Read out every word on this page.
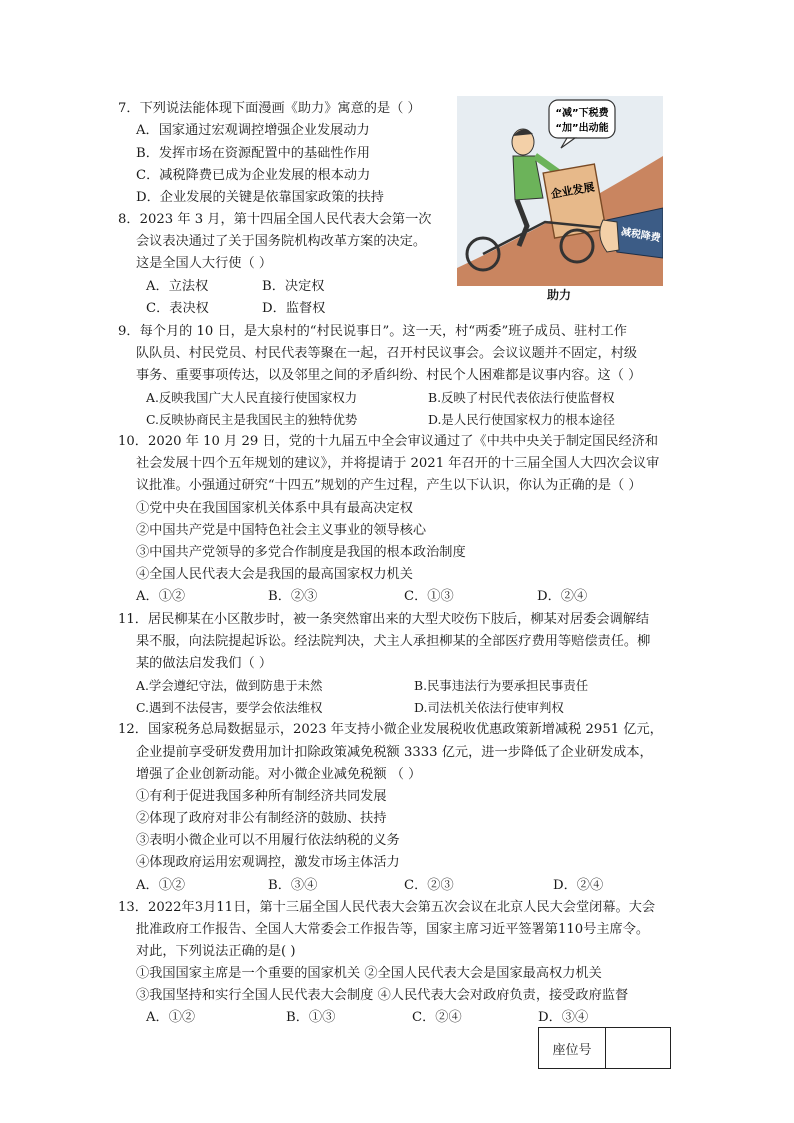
7．下列说法能体现下面漫画《助力》寓意的是（ ）
A．国家通过宏观调控增强企业发展动力
B．发挥市场在资源配置中的基础性作用
C．减税降费已成为企业发展的根本动力
D．企业发展的关键是依靠国家政策的扶持
“减”下税费
“加”出动能
企业发展
减税降费
助力
8．2023 年 3 月，第十四届全国人民代表大会第一次
会议表决通过了关于国务院机构改革方案的决定。
这是全国人大行使（ ）
A．立法权	B．决定权
C．表决权	D．监督权
9．每个月的 10 日，是大泉村的“村民说事日”。这一天，村“两委”班子成员、驻村工作
队队员、村民党员、村民代表等聚在一起，召开村民议事会。会议议题并不固定，村级
事务、重要事项传达，以及邻里之间的矛盾纠纷、村民个人困难都是议事内容。这（ ）
A.反映我国广大人民直接行使国家权力	B.反映了村民代表依法行使监督权
C.反映协商民主是我国民主的独特优势	D.是人民行使国家权力的根本途径
10．2020 年 10 月 29 日，党的十九届五中全会审议通过了《中共中央关于制定国民经济和
社会发展十四个五年规划的建议》，并将提请于 2021 年召开的十三届全国人大四次会议审
议批准。小强通过研究“十四五”规划的产生过程，产生以下认识，你认为正确的是（ ）
①党中央在我国国家机关体系中具有最高决定权
②中国共产党是中国特色社会主义事业的领导核心
③中国共产党领导的多党合作制度是我国的根本政治制度
④全国人民代表大会是我国的最高国家权力机关
A．①②	B．②③	C．①③	D．②④
11．居民柳某在小区散步时，被一条突然窜出来的大型犬咬伤下肢后，柳某对居委会调解结
果不服，向法院提起诉讼。经法院判决，犬主人承担柳某的全部医疗费用等赔偿责任。柳
某的做法启发我们（ ）
A.学会遵纪守法，做到防患于未然	B.民事违法行为要承担民事责任
C.遇到不法侵害，要学会依法维权	D.司法机关依法行使审判权
12．国家税务总局数据显示，2023 年支持小微企业发展税收优惠政策新增减税 2951 亿元，
企业提前享受研发费用加计扣除政策减免税额 3333 亿元，进一步降低了企业研发成本，
增强了企业创新动能。对小微企业减免税额 （ ）
①有利于促进我国多种所有制经济共同发展
②体现了政府对非公有制经济的鼓励、扶持
③表明小微企业可以不用履行依法纳税的义务
④体现政府运用宏观调控，激发市场主体活力
A．①②	B．③④	C．②③	D．②④
13．2022年3月11日，第十三届全国人民代表大会第五次会议在北京人民大会堂闭幕。大会
批准政府工作报告、全国人大常委会工作报告等，国家主席习近平签署第110号主席令。
对此，下列说法正确的是( )
①我国国家主席是一个重要的国家机关 ②全国人民代表大会是国家最高权力机关
③我国坚持和实行全国人民代表大会制度 ④人民代表大会对政府负责，接受政府监督
A．①②	B．①③	C．②④	D．③④
座位号
